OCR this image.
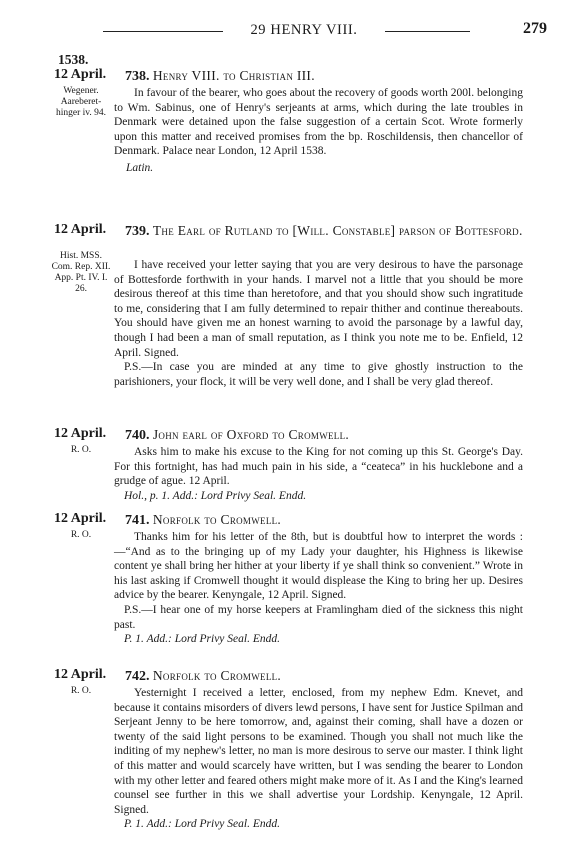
29 HENRY VIII.	279
1538.
12 April. 738. Henry VIII. to Christian III.
Wegener. Aareberet-hinger iv. 94.

In favour of the bearer, who goes about the recovery of goods worth 200l. belonging to Wm. Sabinus, one of Henry's serjeants at arms, which during the late troubles in Denmark were detained upon the false suggestion of a certain Scot. Wrote formerly upon this matter and received promises from the bp. Roschildensis, then chancellor of Denmark. Palace near London, 12 April 1538.

Latin.

12 April. 739. The Earl of Rutland to [Will. Constable] parson of Bottesford.
Hist. MSS. Com. Rep. XII. App. Pt. IV. I. 26.

I have received your letter saying that you are very desirous to have the parsonage of Bottesforde forthwith in your hands. I marvel not a little that you should be more desirous thereof at this time than heretofore, and that you should show such ingratitude to me, considering that I am fully determined to repair thither and continue thereabouts. You should have given me an honest warning to avoid the parsonage by a lawful day, though I had been a man of small reputation, as I think you note me to be. Enfield, 12 April. Signed.

P.S.—In case you are minded at any time to give ghostly instruction to the parishioners, your flock, it will be very well done, and I shall be very glad thereof.

12 April. 740. John earl of Oxford to Cromwell.
R. O.	Asks him to make his excuse to the King for not coming up this St. George's Day. For this fortnight, has had much pain in his side, a “ceateca” in his hucklebone and a grudge of ague. 12 April.

Hol., p. 1. Add.: Lord Privy Seal. Endd.

12 April. 741. Norfolk to Cromwell.
R. O.	Thanks him for his letter of the 8th, but is doubtful how to interpret the words :—“And as to the bringing up of my Lady your daughter, his Highness is likewise content ye shall bring her hither at your liberty if ye shall think so convenient.” Wrote in his last asking if Cromwell thought it would displease the King to bring her up. Desires advice by the bearer. Kenyngale, 12 April. Signed.

P.S.—I hear one of my horse keepers at Framlingham died of the sickness this night past.

P. 1. Add.: Lord Privy Seal. Endd.

12 April. 742. Norfolk to Cromwell.
R. O.	Yesternight I received a letter, enclosed, from my nephew Edm. Knevet, and because it contains misorders of divers lewd persons, I have sent for Justice Spilman and Serjeant Jenny to be here tomorrow, and, against their coming, shall have a dozen or twenty of the said light persons to be examined. Though you shall not much like the inditing of my nephew's letter, no man is more desirous to serve our master. I think light of this matter and would scarcely have written, but I was sending the bearer to London with my other letter and feared others might make more of it. As I and the King's learned counsel see further in this we shall advertise your Lordship. Kenyngale, 12 April. Signed.

P. 1. Add.: Lord Privy Seal. Endd.
